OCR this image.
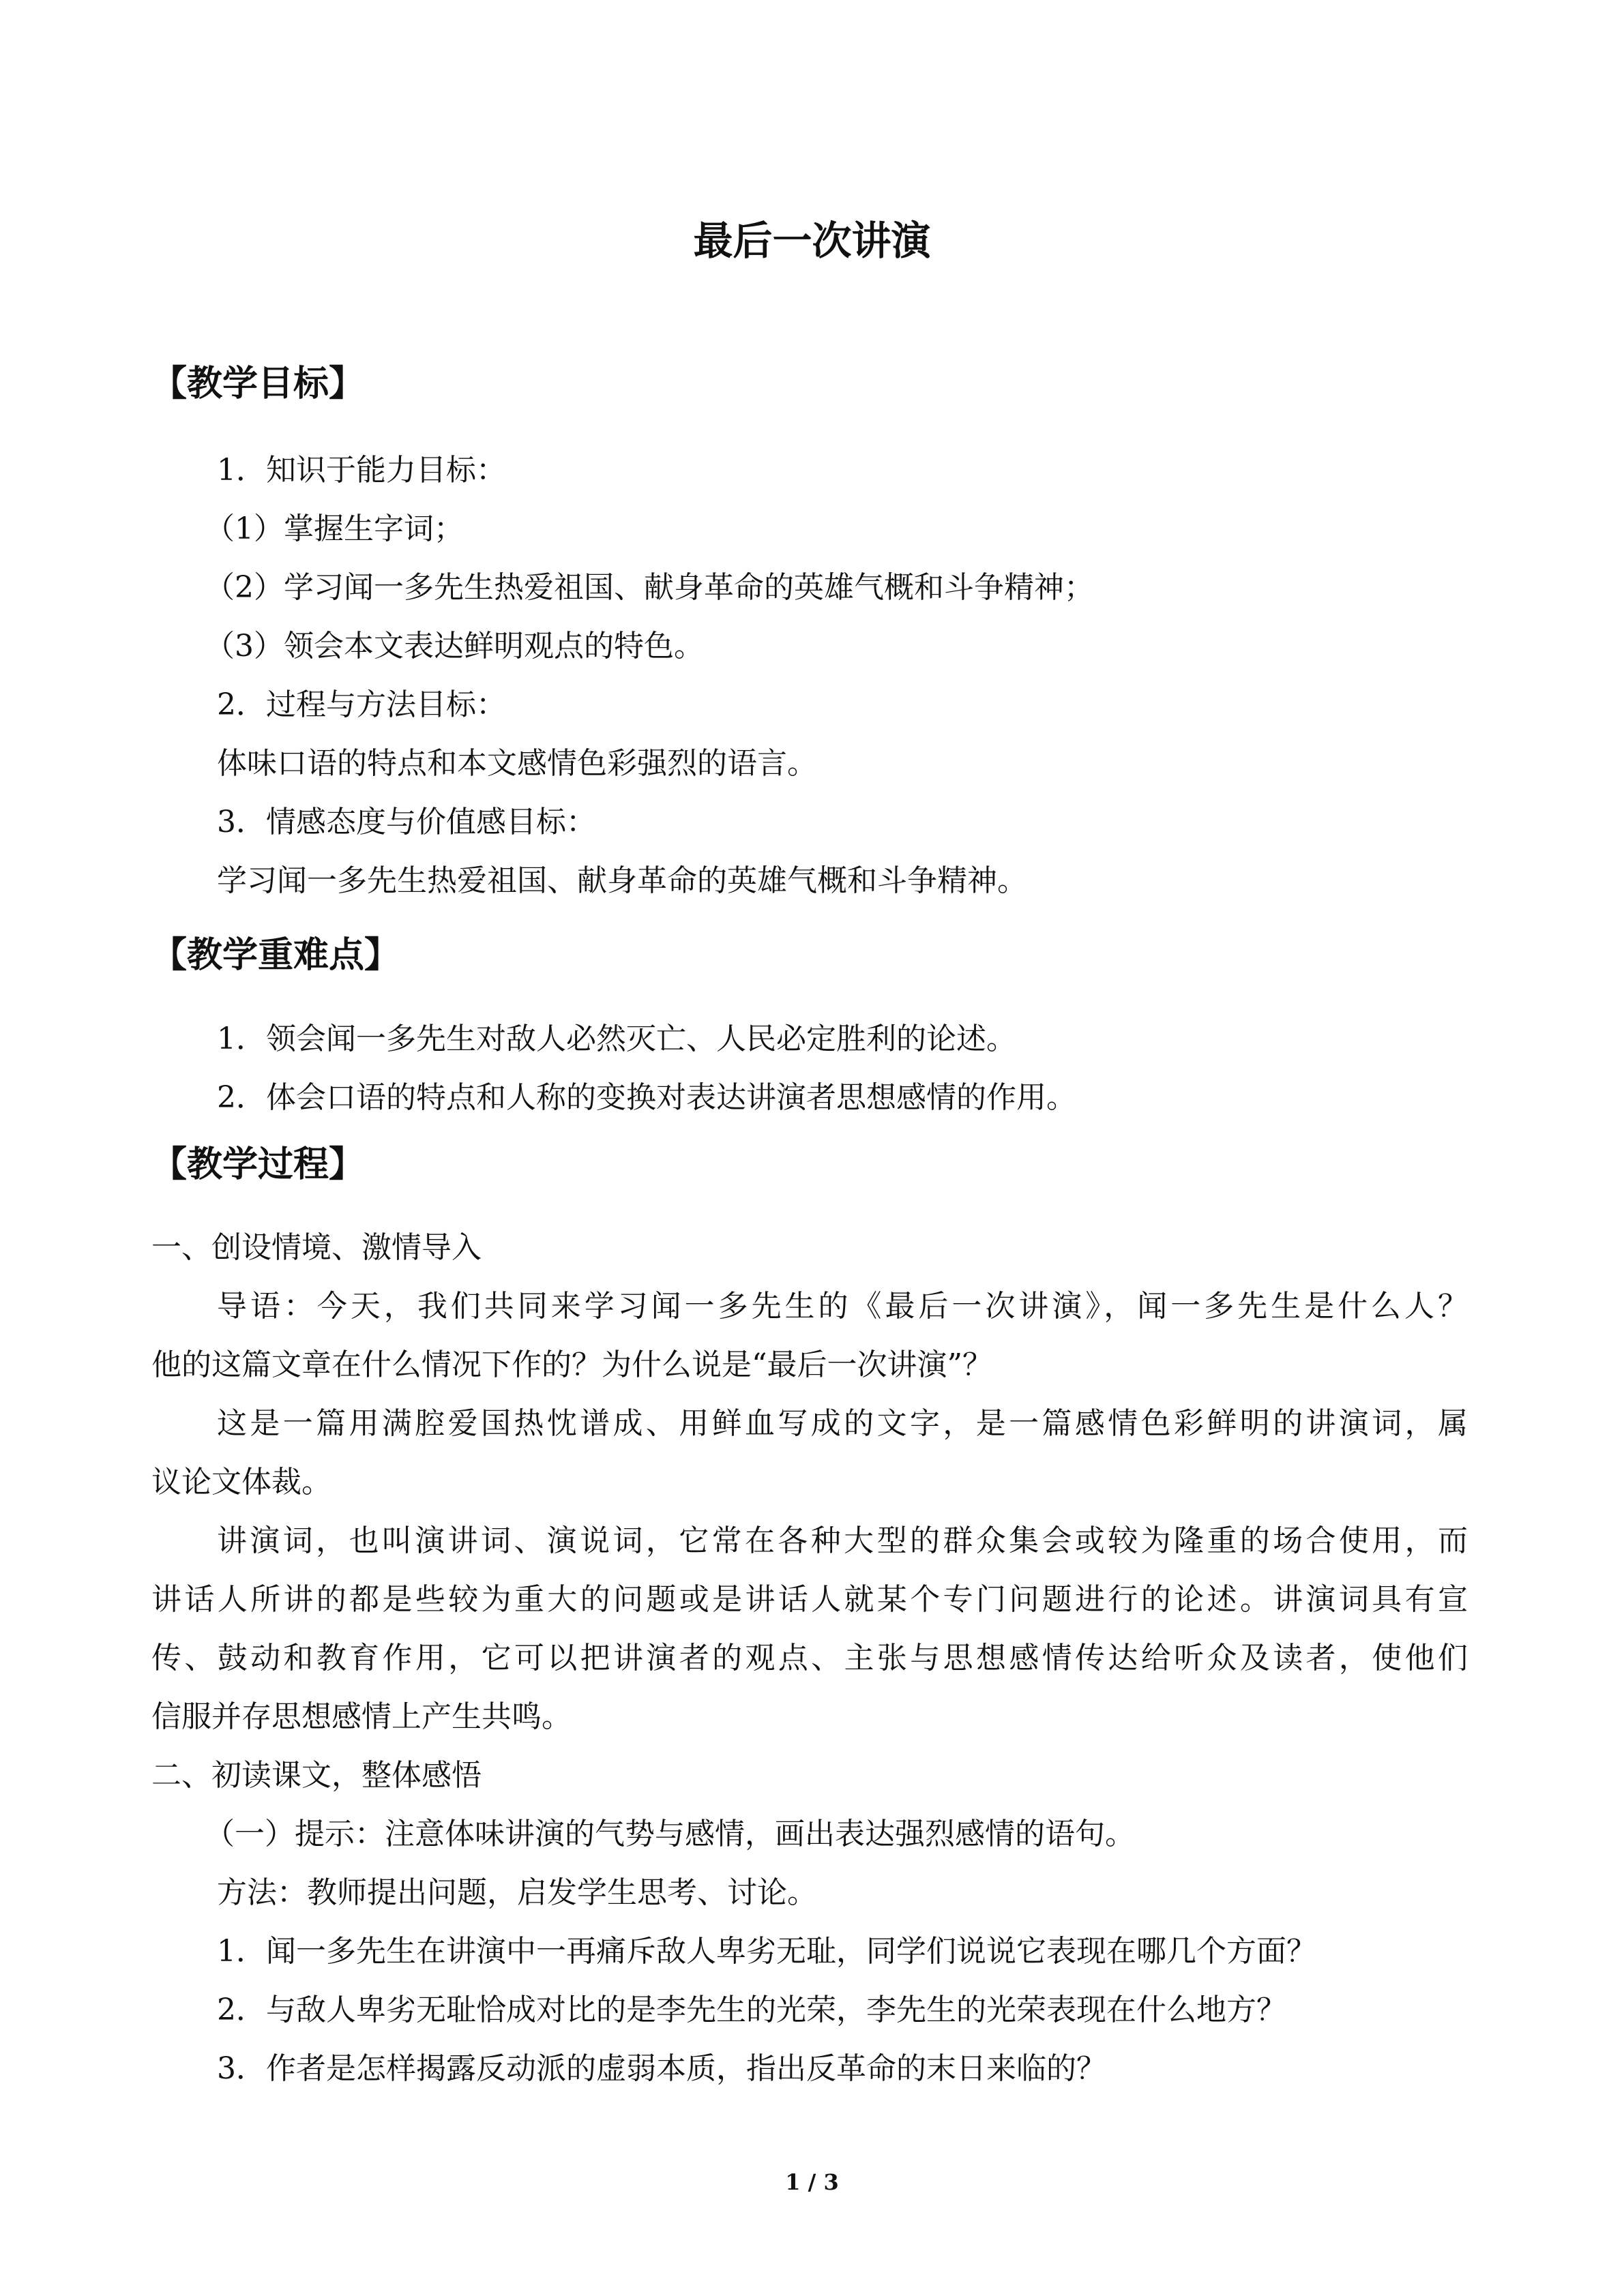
最后一次讲演
【教学目标】
1．知识于能力目标：
（1）掌握生字词；
（2）学习闻一多先生热爱祖国、献身革命的英雄气概和斗争精神；
（3）领会本文表达鲜明观点的特色。
2．过程与方法目标：
体味口语的特点和本文感情色彩强烈的语言。
3．情感态度与价值感目标：
学习闻一多先生热爱祖国、献身革命的英雄气概和斗争精神。
【教学重难点】
1．领会闻一多先生对敌人必然灭亡、人民必定胜利的论述。
2．体会口语的特点和人称的变换对表达讲演者思想感情的作用。
【教学过程】
一、创设情境、激情导入
导语：今天，我们共同来学习闻一多先生的《最后一次讲演》，闻一多先生是什么人？
他的这篇文章在什么情况下作的？为什么说是“最后一次讲演”？
这是一篇用满腔爱国热忱谱成、用鲜血写成的文字，是一篇感情色彩鲜明的讲演词，属
议论文体裁。
讲演词，也叫演讲词、演说词，它常在各种大型的群众集会或较为隆重的场合使用，而
讲话人所讲的都是些较为重大的问题或是讲话人就某个专门问题进行的论述。讲演词具有宣
传、鼓动和教育作用，它可以把讲演者的观点、主张与思想感情传达给听众及读者，使他们
信服并存思想感情上产生共鸣。
二、初读课文，整体感悟
（一）提示：注意体味讲演的气势与感情，画出表达强烈感情的语句。
方法：教师提出问题，启发学生思考、讨论。
1．闻一多先生在讲演中一再痛斥敌人卑劣无耻，同学们说说它表现在哪几个方面？
2．与敌人卑劣无耻恰成对比的是李先生的光荣，李先生的光荣表现在什么地方？
3．作者是怎样揭露反动派的虚弱本质，指出反革命的末日来临的？
1 / 3
